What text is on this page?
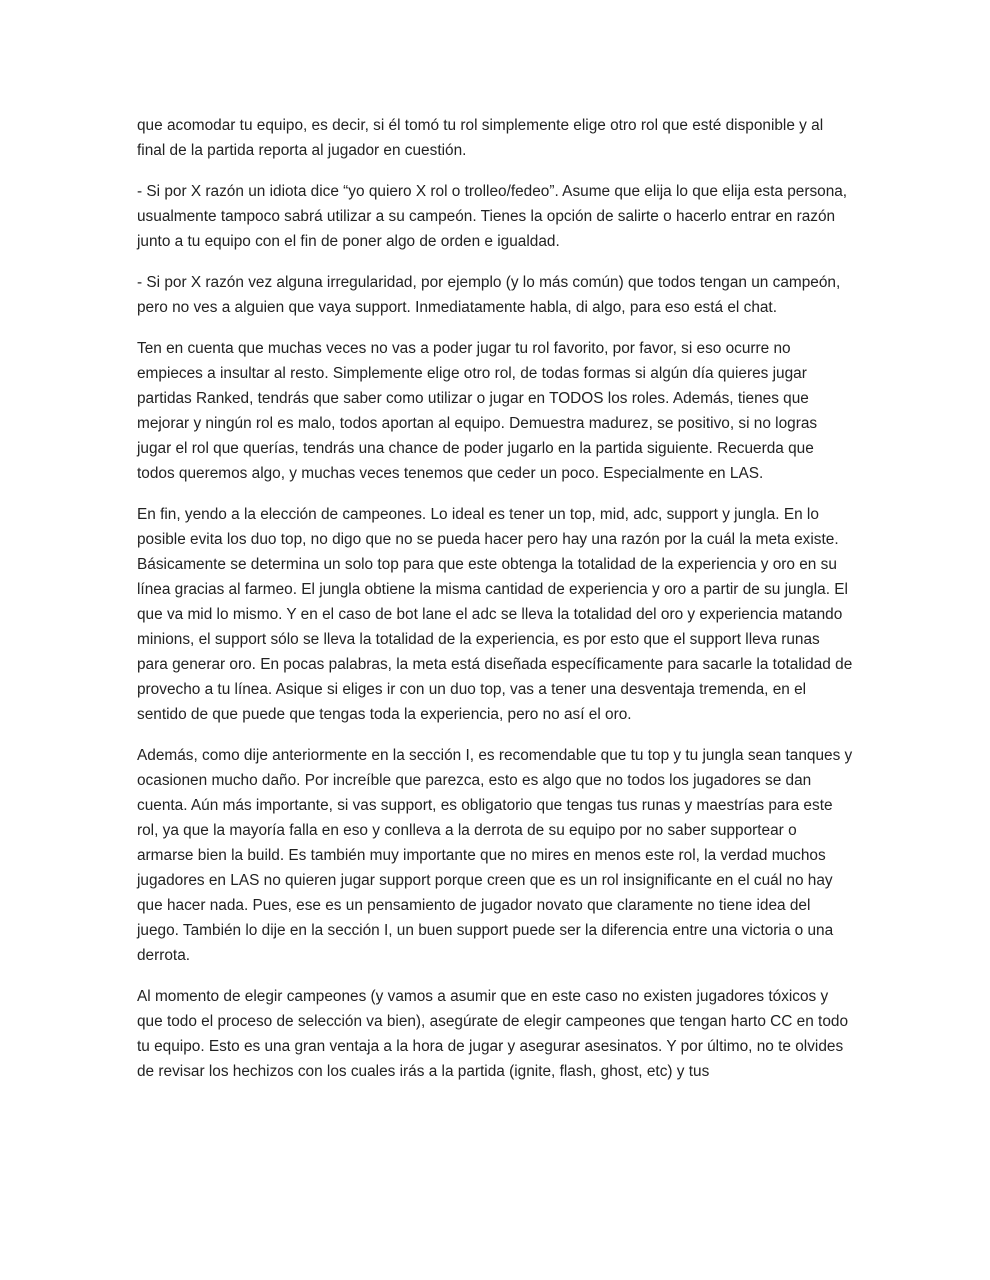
que acomodar tu equipo, es decir, si él tomó tu rol simplemente elige otro rol que esté disponible y al final de la partida reporta al jugador en cuestión.

- Si por X razón un idiota dice “yo quiero X rol o trolleo/fedeo”. Asume que elija lo que elija esta persona, usualmente tampoco sabrá utilizar a su campeón. Tienes la opción de salirte o hacerlo entrar en razón junto a tu equipo con el fin de poner algo de orden e igualdad.

- Si por X razón vez alguna irregularidad, por ejemplo (y lo más común) que todos tengan un campeón, pero no ves a alguien que vaya support. Inmediatamente habla, di algo, para eso está el chat.

Ten en cuenta que muchas veces no vas a poder jugar tu rol favorito, por favor, si eso ocurre no empieces a insultar al resto. Simplemente elige otro rol, de todas formas si algún día quieres jugar partidas Ranked, tendrás que saber como utilizar o jugar en TODOS los roles. Además, tienes que mejorar y ningún rol es malo, todos aportan al equipo. Demuestra madurez, se positivo, si no logras jugar el rol que querías, tendrás una chance de poder jugarlo en la partida siguiente. Recuerda que todos queremos algo, y muchas veces tenemos que ceder un poco. Especialmente en LAS.

En fin, yendo a la elección de campeones. Lo ideal es tener un top, mid, adc, support y jungla. En lo posible evita los duo top, no digo que no se pueda hacer pero hay una razón por la cuál la meta existe. Básicamente se determina un solo top para que este obtenga la totalidad de la experiencia y oro en su línea gracias al farmeo. El jungla obtiene la misma cantidad de experiencia y oro a partir de su jungla. El que va mid lo mismo. Y en el caso de bot lane el adc se lleva la totalidad del oro y experiencia matando minions, el support sólo se lleva la totalidad de la experiencia, es por esto que el support lleva runas para generar oro. En pocas palabras, la meta está diseñada específicamente para sacarle la totalidad de provecho a tu línea. Asique si eliges ir con un duo top, vas a tener una desventaja tremenda, en el sentido de que puede que tengas toda la experiencia, pero no así el oro.

Además, como dije anteriormente en la sección I, es recomendable que tu top y tu jungla sean tanques y ocasionen mucho daño. Por increíble que parezca, esto es algo que no todos los jugadores se dan cuenta. Aún más importante, si vas support, es obligatorio que tengas tus runas y maestrías para este rol, ya que la mayoría falla en eso y conlleva a la derrota de su equipo por no saber supportear o armarse bien la build. Es también muy importante que no mires en menos este rol, la verdad muchos jugadores en LAS no quieren jugar support porque creen que es un rol insignificante en el cuál no hay que hacer nada. Pues, ese es un pensamiento de jugador novato que claramente no tiene idea del juego. También lo dije en la sección I, un buen support puede ser la diferencia entre una victoria o una derrota.

Al momento de elegir campeones (y vamos a asumir que en este caso no existen jugadores tóxicos y que todo el proceso de selección va bien), asegúrate de elegir campeones que tengan harto CC en todo tu equipo. Esto es una gran ventaja a la hora de jugar y asegurar asesinatos. Y por último, no te olvides de revisar los hechizos con los cuales irás a la partida (ignite, flash, ghost, etc) y tus
